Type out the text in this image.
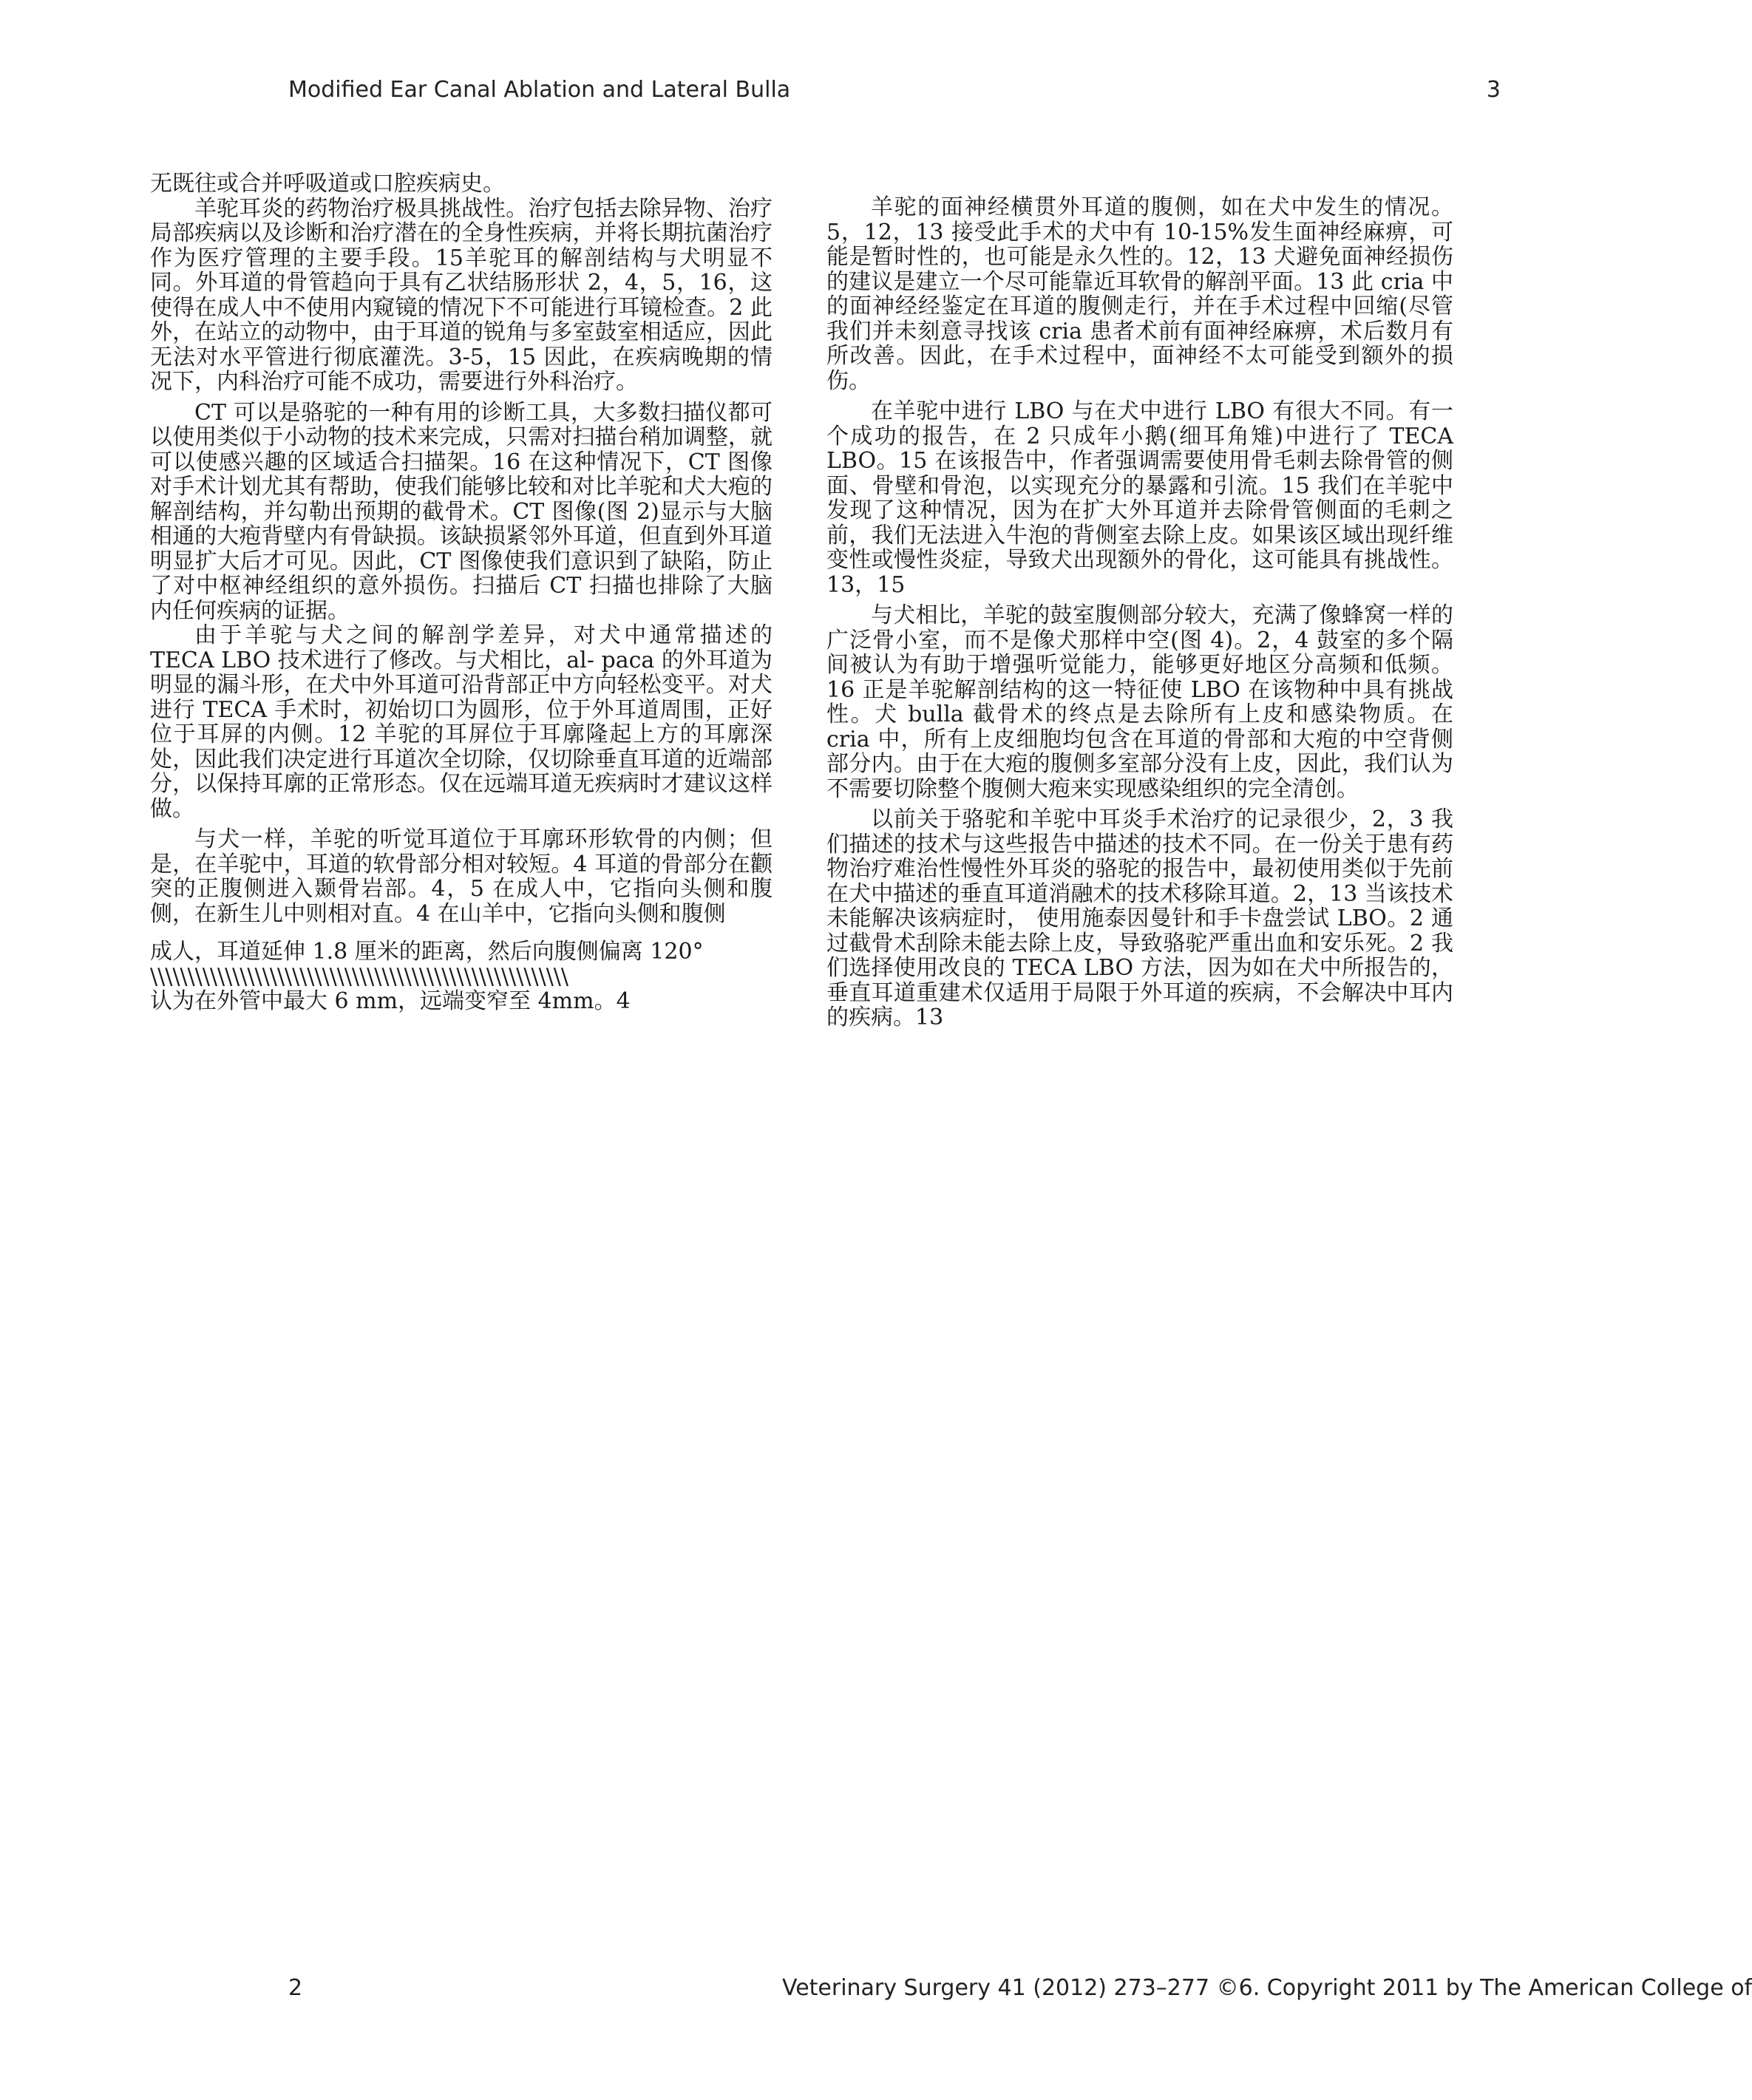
Modified Ear Canal Ablation and Lateral Bulla	3

无既往或合并呼吸道或口腔疾病史。

羊驼耳炎的药物治疗极具挑战性。治疗包括去除异物、治疗局部疾病以及诊断和治疗潜在的全身性疾病，并将长期抗菌治疗作为医疗管理的主要手段。15羊驼耳的解剖结构与犬明显不同。外耳道的骨管趋向于具有乙状结肠形状 2，4，5，16，这使得在成人中不使用内窥镜的情况下不可能进行耳镜检查。2 此外，在站立的动物中，由于耳道的锐角与多室鼓室相适应，因此无法对水平管进行彻底灌洗。3-5，15 因此，在疾病晚期的情况下，内科治疗可能不成功，需要进行外科治疗。

CT 可以是骆驼的一种有用的诊断工具，大多数扫描仪都可以使用类似于小动物的技术来完成，只需对扫描台稍加调整，就可以使感兴趣的区域适合扫描架。16 在这种情况下，CT 图像对手术计划尤其有帮助，使我们能够比较和对比羊驼和犬大疱的解剖结构，并勾勒出预期的截骨术。CT 图像(图 2)显示与大脑相通的大疱背壁内有骨缺损。该缺损紧邻外耳道，但直到外耳道明显扩大后才可见。因此，CT 图像使我们意识到了缺陷，防止了对中枢神经组织的意外损伤。扫描后 CT 扫描也排除了大脑内任何疾病的证据。

由于羊驼与犬之间的解剖学差异，对犬中通常描述的 TECA LBO 技术进行了修改。与犬相比，al- paca 的外耳道为明显的漏斗形，在犬中外耳道可沿背部正中方向轻松变平。对犬进行 TECA 手术时，初始切口为圆形，位于外耳道周围，正好位于耳屏的内侧。12 羊驼的耳屏位于耳廓隆起上方的耳廓深处，因此我们决定进行耳道次全切除，仅切除垂直耳道的近端部分，以保持耳廓的正常形态。仅在远端耳道无疾病时才建议这样做。

与犬一样，羊驼的听觉耳道位于耳廓环形软骨的内侧；但是，在羊驼中，耳道的软骨部分相对较短。4 耳道的骨部分在颧突的正腹侧进入颞骨岩部。4，5 在成人中，它指向头侧和腹侧，在新生儿中则相对直。4 在山羊中，它指向头侧和腹侧

成人，耳道延伸 1.8 厘米的距离，然后向腹侧偏离 120°

\\\\\\\\\\\\\\\\\\\\\\\\\\\\\\\\\\\\\\\\\\\\\\\\\\\\\\\\

认为在外管中最大 6 mm，远端变窄至 4mm。4

羊驼的面神经横贯外耳道的腹侧，如在犬中发生的情况。5，12，13 接受此手术的犬中有 10-15%发生面神经麻痹，可能是暂时性的，也可能是永久性的。12，13 犬避免面神经损伤的建议是建立一个尽可能靠近耳软骨的解剖平面。13 此 cria 中的面神经经鉴定在耳道的腹侧走行，并在手术过程中回缩(尽管我们并未刻意寻找该 cria 患者术前有面神经麻痹，术后数月有所改善。因此，在手术过程中，面神经不太可能受到额外的损伤。

在羊驼中进行 LBO 与在犬中进行 LBO 有很大不同。有一个成功的报告，在 2 只成年小鹅(细耳角雉)中进行了 TECA LBO。15 在该报告中，作者强调需要使用骨毛刺去除骨管的侧面、骨壁和骨泡，以实现充分的暴露和引流。15 我们在羊驼中发现了这种情况，因为在扩大外耳道并去除骨管侧面的毛刺之前，我们无法进入牛泡的背侧室去除上皮。如果该区域出现纤维变性或慢性炎症，导致犬出现额外的骨化，这可能具有挑战性。13，15

与犬相比，羊驼的鼓室腹侧部分较大，充满了像蜂窝一样的广泛骨小室，而不是像犬那样中空(图 4)。2，4 鼓室的多个隔间被认为有助于增强听觉能力，能够更好地区分高频和低频。16 正是羊驼解剖结构的这一特征使 LBO 在该物种中具有挑战性。犬 bulla 截骨术的终点是去除所有上皮和感染物质。在 cria 中，所有上皮细胞均包含在耳道的骨部和大疱的中空背侧部分内。由于在大疱的腹侧多室部分没有上皮，因此，我们认为不需要切除整个腹侧大疱来实现感染组织的完全清创。

以前关于骆驼和羊驼中耳炎手术治疗的记录很少，2，3 我们描述的技术与这些报告中描述的技术不同。在一份关于患有药物治疗难治性慢性外耳炎的骆驼的报告中，最初使用类似于先前在犬中描述的垂直耳道消融术的技术移除耳道。2，13 当该技术未能解决该病症时， 使用施泰因曼针和手卡盘尝试 LBO。2 通过截骨术刮除未能去除上皮，导致骆驼严重出血和安乐死。2 我们选择使用改良的 TECA LBO 方法，因为如在犬中所报告的，垂直耳道重建术仅适用于局限于外耳道的疾病，不会解决中耳内的疾病。13

2	Veterinary Surgery 41 (2012) 273–277 ©6. Copyright 2011 by The American College of
